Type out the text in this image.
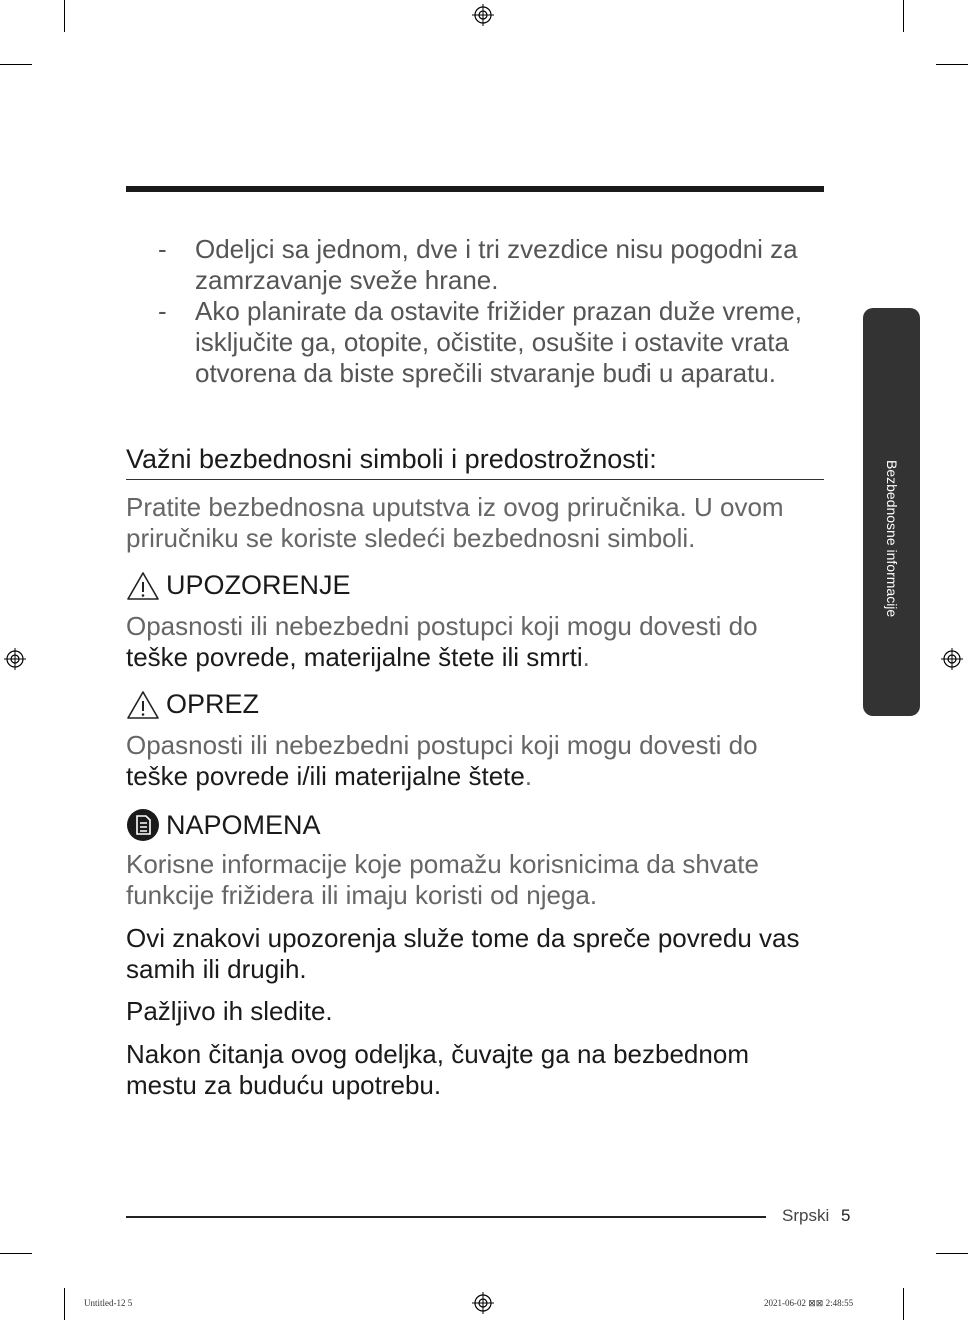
- Odeljci sa jednom, dve i tri zvezdice nisu pogodni za zamrzavanje sveže hrane.
- Ako planirate da ostavite frižider prazan duže vreme, isključite ga, otopite, očistite, osušite i ostavite vrata otvorena da biste sprečili stvaranje buđi u aparatu.
Važni bezbednosni simboli i predostrožnosti:
Pratite bezbednosna uputstva iz ovog priručnika. U ovom priručniku se koriste sledeći bezbednosni simboli.
UPOZORENJE
Opasnosti ili nebezbedni postupci koji mogu dovesti do teške povrede, materijalne štete ili smrti.
OPREZ
Opasnosti ili nebezbedni postupci koji mogu dovesti do teške povrede i/ili materijalne štete.
NAPOMENA
Korisne informacije koje pomažu korisnicima da shvate funkcije frižidera ili imaju koristi od njega.
Ovi znakovi upozorenja služe tome da spreče povredu vas samih ili drugih.
Pažljivo ih sledite.
Nakon čitanja ovog odeljka, čuvajte ga na bezbednom mestu za buduću upotrebu.
Bezbednosne informacije
Srpski 5
Untitled-12 5	2021-06-02 ⊠⊠ 2:48:55
